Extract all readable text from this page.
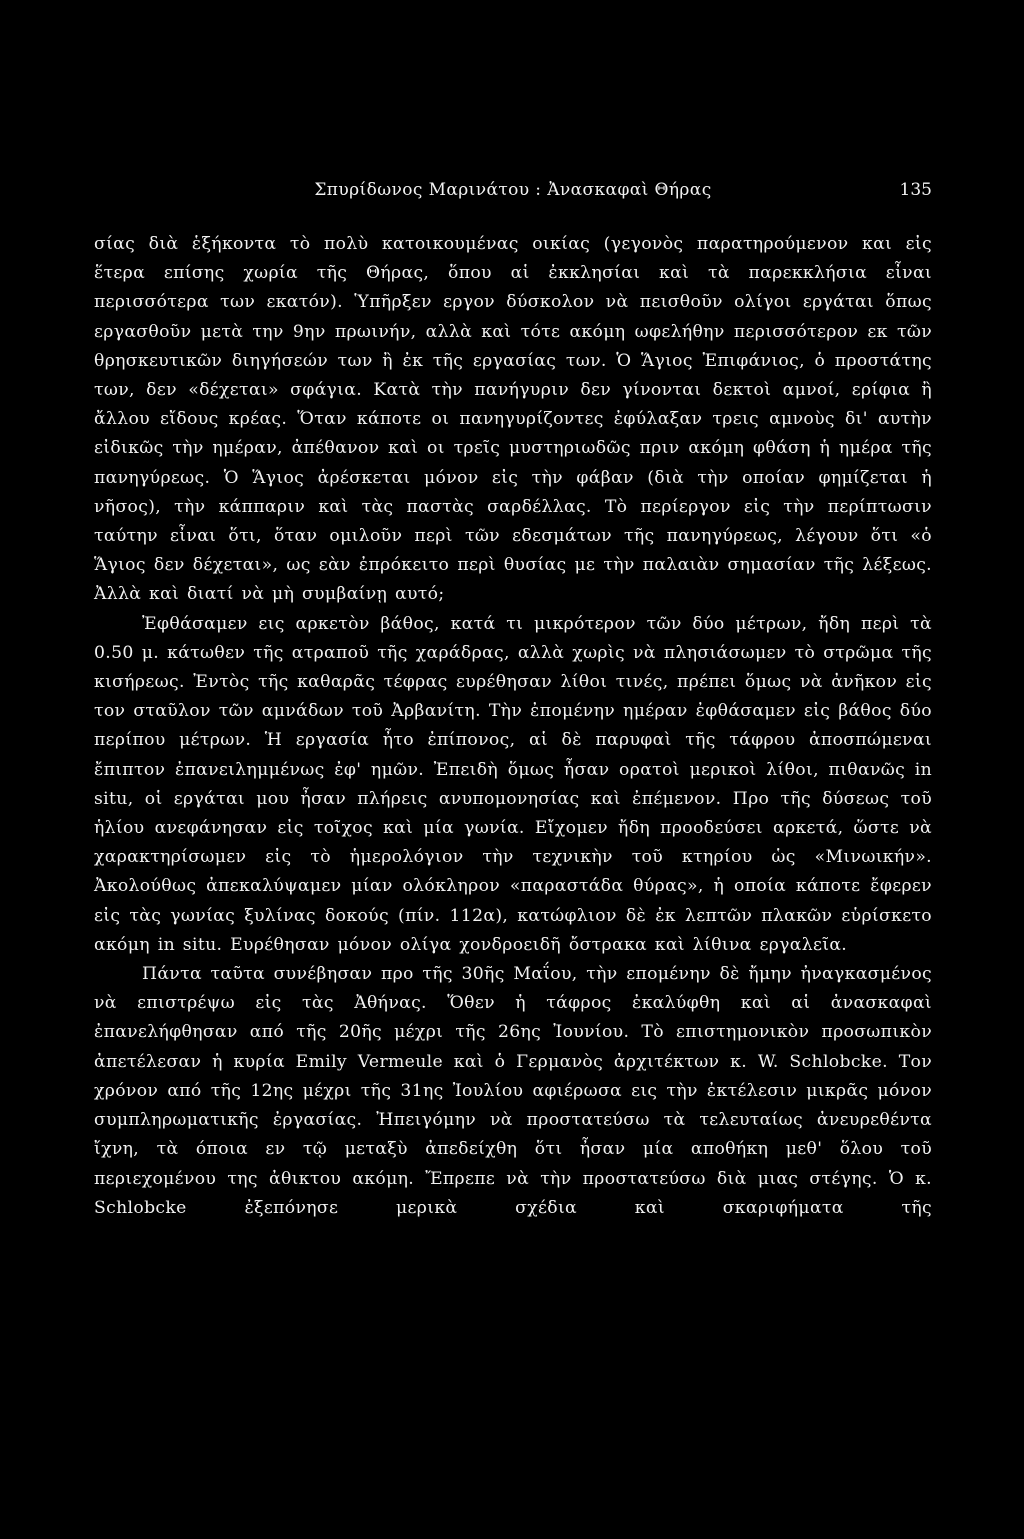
Σπυρίδωνος Μαρινάτου : Ἀνασκαφαὶ Θήρας	135

σίας διὰ ἑξήκοντα τὸ πολὺ κατοικουμένας οικίας (γεγονὸς παρατηρούμενον και εἰς ἕτερα επίσης χωρία τῆς Θήρας, ὅπου αἱ ἐκκλησίαι καὶ τὰ παρεκκλήσια εἶναι περισσότερα των εκατόν). Ὑπῆρξεν εργον δύσκολον νὰ πεισθοῦν ολίγοι εργάται ὅπως εργασθοῦν μετὰ την 9ην πρωινήν, αλλὰ καὶ τότε ακόμη ωφελήθην περισσότερον εκ τῶν θρησκευτικῶν διηγήσεών των ἢ ἐκ τῆς εργασίας των. Ὁ Ἅγιος Ἐπιφάνιος, ὁ προστάτης των, δεν «δέχεται» σφάγια. Κατὰ τὴν πανήγυριν δεν γίνονται δεκτοὶ αμνοί, ερίφια ἢ ἄλλου εἴδους κρέας. Ὅταν κάποτε οι πανηγυρίζοντες ἐφύλαξαν τρεις αμνοὺς δι' αυτὴν εἰδικῶς τὴν ημέραν, ἀπέθανον καὶ οι τρεῖς μυστηριωδῶς πριν ακόμη φθάση ἡ ημέρα τῆς πανηγύρεως. Ὁ Ἅγιος ἀρέσκεται μόνον εἰς τὴν φάβαν (διὰ τὴν οποίαν φημίζεται ἡ νῆσος), τὴν κάππαριν καὶ τὰς παστὰς σαρδέλλας. Τὸ περίεργον εἰς τὴν περίπτωσιν ταύτην εἶναι ὅτι, ὅταν ομιλοῦν περὶ τῶν εδεσμάτων τῆς πανηγύρεως, λέγουν ὅτι «ὁ Ἅγιος δεν δέχεται», ως εὰν ἐπρόκειτο περὶ θυσίας με τὴν παλαιὰν σημασίαν τῆς λέξεως. Ἀλλὰ καὶ διατί νὰ μὴ συμβαίνῃ αυτό;

Ἐφθάσαμεν εις αρκετὸν βάθος, κατά τι μικρότερον τῶν δύο μέτρων, ἤδη περὶ τὰ 0.50 μ. κάτωθεν τῆς ατραποῦ τῆς χαράδρας, αλλὰ χωρὶς νὰ πλησιάσωμεν τὸ στρῶμα τῆς κισήρεως. Ἐντὸς τῆς καθαρᾶς τέφρας ευρέθησαν λίθοι τινές, πρέπει ὅμως νὰ ἀνῆκον εἰς τον σταῦλον τῶν αμνάδων τοῦ Ἀρβανίτη. Τὴν ἐπομένην ημέραν ἐφθάσαμεν εἰς βάθος δύο περίπου μέτρων. Ἡ εργασία ἦτο ἐπίπονος, αἱ δὲ παρυφαὶ τῆς τάφρου ἀποσπώμεναι ἔπιπτον ἐπανειλημμένως ἐφ' ημῶν. Ἐπειδὴ ὅμως ἦσαν ορατοὶ μερικοὶ λίθοι, πιθανῶς in situ, οἱ εργάται μου ἦσαν πλήρεις ανυπομονησίας καὶ ἐπέμενον. Προ τῆς δύσεως τοῦ ἡλίου ανεφάνησαν εἰς τοῖχος καὶ μία γωνία. Εἴχομεν ἤδη προοδεύσει αρκετά, ὥστε νὰ χαρακτηρίσωμεν εἰς τὸ ἡμερολόγιον τὴν τεχνικὴν τοῦ κτηρίου ὡς «Μινωικήν». Ἀκολούθως ἀπεκαλύψαμεν μίαν ολόκληρον «παραστάδα θύρας», ἡ οποία κάποτε ἔφερεν εἰς τὰς γωνίας ξυλίνας δοκούς (πίν. 112α), κατώφλιον δὲ ἐκ λεπτῶν πλακῶν εὑρίσκετο ακόμη in situ. Ευρέθησαν μόνον ολίγα χονδροειδῆ ὄστρακα καὶ λίθινα εργαλεῖα.

Πάντα ταῦτα συνέβησαν προ τῆς 30ῆς Μαΐου, τὴν επομένην δὲ ἤμην ἠναγκασμένος νὰ επιστρέψω εἰς τὰς Ἀθήνας. Ὅθεν ἡ τάφρος ἐκαλύφθη καὶ αἱ ἀνασκαφαὶ ἐπανελήφθησαν από τῆς 20ῆς μέχρι τῆς 26ης Ἰουνίου. Τὸ επιστημονικὸν προσωπικὸν ἀπετέλεσαν ἡ κυρία Emily Vermeule καὶ ὁ Γερμανὸς ἀρχιτέκτων κ. W. Schlobcke. Τον χρόνον από τῆς 12ης μέχρι τῆς 31ης Ἰουλίου αφιέρωσα εις τὴν ἐκτέλεσιν μικρᾶς μόνον συμπληρωματικῆς ἐργασίας. Ἠπειγόμην νὰ προστατεύσω τὰ τελευταίως ἀνευρεθέντα ἴχνη, τὰ όποια εν τῷ μεταξὺ ἀπεδείχθη ὅτι ἦσαν μία αποθήκη μεθ' ὅλου τοῦ περιεχομένου της ἀθικτου ακόμη. Ἔπρεπε νὰ τὴν προστατεύσω διὰ μιας στέγης. Ὁ κ. Schlobcke ἐξεπόνησε μερικὰ σχέδια καὶ σκαριφήματα τῆς
